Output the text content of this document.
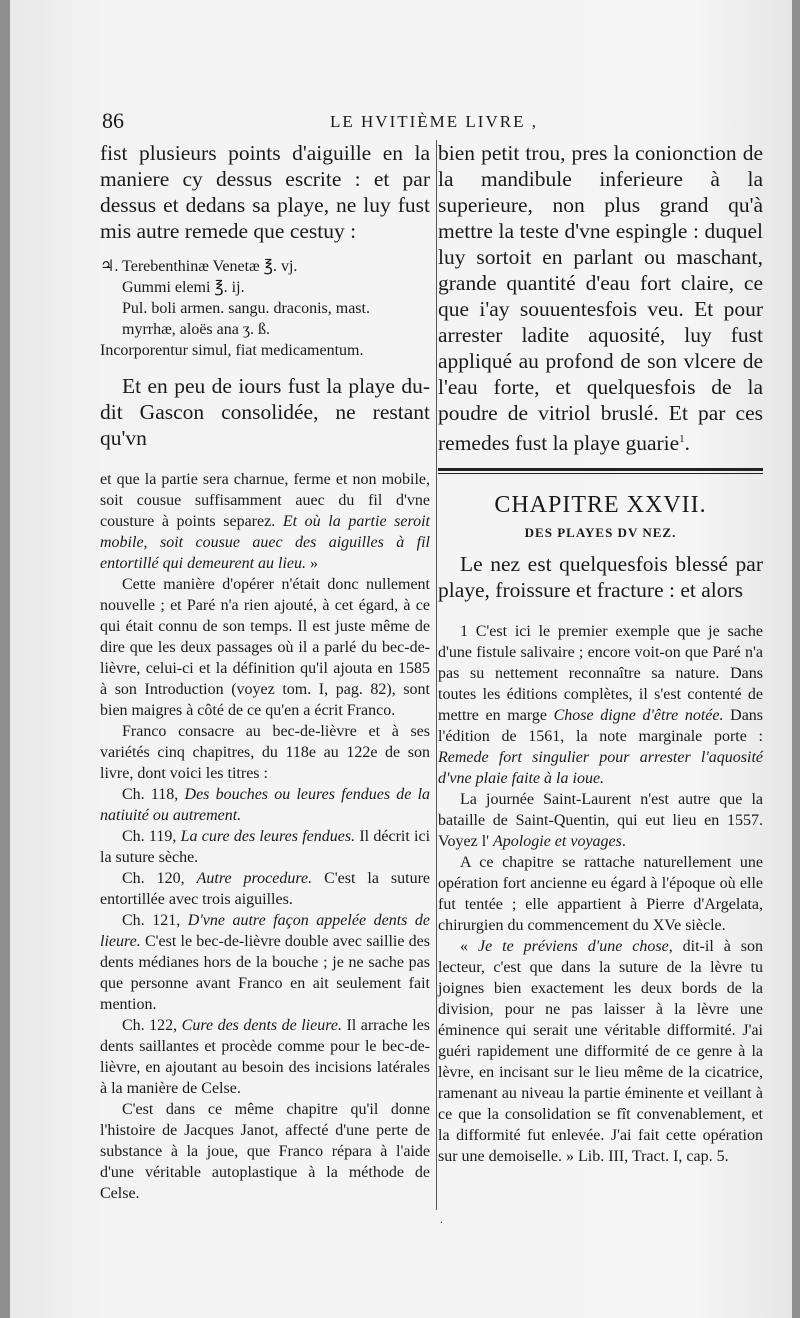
86	LE HVITIÈME LIVRE ,

fist plusieurs points d'aiguille en la maniere cy dessus escrite : et par dessus et dedans sa playe, ne luy fust mis autre remede que cestuy :

♃. Terebenthinæ Venetæ ℥. vj.
Gummi elemi ℥. ij.
Pul. boli armen. sangu. draconis, mast.
myrrhæ, aloës ana ʒ. ß.
Incorporentur simul, fiat medicamentum.

Et en peu de iours fust la playe du-dit Gascon consolidée, ne restant qu'vn

et que la partie sera charnue, ferme et non mobile, soit cousue suffisamment auec du fil d'vne cousture à points separez. Et où la partie seroit mobile, soit cousue auec des aiguilles à fil entortillé qui demeurent au lieu. »

Cette manière d'opérer n'était donc nullement nouvelle ; et Paré n'a rien ajouté, à cet égard, à ce qui était connu de son temps. Il est juste même de dire que les deux passages où il a parlé du bec-de-lièvre, celui-ci et la définition qu'il ajouta en 1585 à son Introduction (voyez tom. I, pag. 82), sont bien maigres à côté de ce qu'en a écrit Franco.

Franco consacre au bec-de-lièvre et à ses variétés cinq chapitres, du 118e au 122e de son livre, dont voici les titres :

Ch. 118, Des bouches ou leures fendues de la natiuité ou autrement.

Ch. 119, La cure des leures fendues. Il décrit ici la suture sèche.

Ch. 120, Autre procedure. C'est la suture entortillée avec trois aiguilles.

Ch. 121, D'vne autre façon appelée dents de lieure. C'est le bec-de-lièvre double avec saillie des dents médianes hors de la bouche ; je ne sache pas que personne avant Franco en ait seulement fait mention.

Ch. 122, Cure des dents de lieure. Il arrache les dents saillantes et procède comme pour le bec-de-lièvre, en ajoutant au besoin des incisions latérales à la manière de Celse.

C'est dans ce même chapitre qu'il donne l'histoire de Jacques Janot, affecté d'une perte de substance à la joue, que Franco répara à l'aide d'une véritable autoplastique à la méthode de Celse.

bien petit trou, pres la conionction de la mandibule inferieure à la superieure, non plus grand qu'à mettre la teste d'vne espingle : duquel luy sortoit en parlant ou maschant, grande quantité d'eau fort claire, ce que i'ay souuentesfois veu. Et pour arrester ladite aquosité, luy fust appliqué au profond de son vlcere de l'eau forte, et quelquesfois de la poudre de vitriol bruslé. Et par ces remedes fust la playe guarie$^1$.

CHAPITRE XXVII.
DES PLAYES DV NEZ.

Le nez est quelquesfois blessé par playe, froissure et fracture : et alors

1 C'est ici le premier exemple que je sache d'une fistule salivaire ; encore voit-on que Paré n'a pas su nettement reconnaître sa nature. Dans toutes les éditions complètes, il s'est contenté de mettre en marge Chose digne d'être notée. Dans l'édition de 1561, la note marginale porte : Remede fort singulier pour arrester l'aquosité d'vne plaie faite à la ioue.

La journée Saint-Laurent n'est autre que la bataille de Saint-Quentin, qui eut lieu en 1557. Voyez l' Apologie et voyages.

A ce chapitre se rattache naturellement une opération fort ancienne eu égard à l'époque où elle fut tentée ; elle appartient à Pierre d'Argelata, chirurgien du commencement du XVe siècle.

« Je te préviens d'une chose, dit-il à son lecteur, c'est que dans la suture de la lèvre tu joignes bien exactement les deux bords de la division, pour ne pas laisser à la lèvre une éminence qui serait une véritable difformité. J'ai guéri rapidement une difformité de ce genre à la lèvre, en incisant sur le lieu même de la cicatrice, ramenant au niveau la partie éminente et veillant à ce que la consolidation se fît convenablement, et la difformité fut enlevée. J'ai fait cette opération sur une demoiselle. » Lib. III, Tract. I, cap. 5.

.
